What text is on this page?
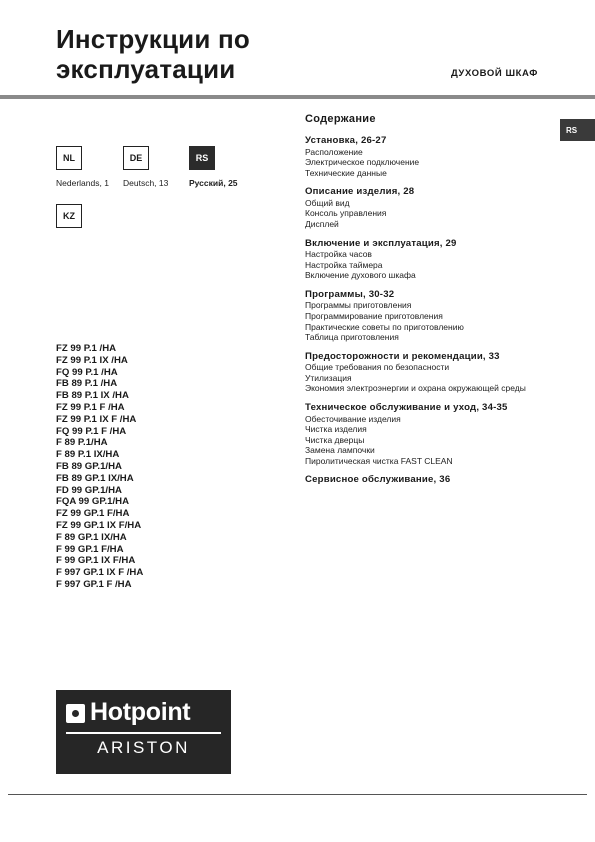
Инструкции по
эксплуатации	ДУХОВОЙ ШКАФ
RS
NL
Nederlands, 1
DE
Deutsch, 13
RS
Русский, 25
KZ
FZ 99 P.1 /HA
FZ 99 P.1 IX /HA
FQ 99 P.1 /HA
FB 89 P.1 /HA
FB 89 P.1 IX /HA
FZ 99 P.1 F /HA
FZ 99 P.1 IX F /HA
FQ 99 P.1 F /HA
F 89 P.1/HA
F 89 P.1 IX/HA
FB 89 GP.1/HA
FB 89 GP.1 IX/HA
FD 99 GP.1/HA
FQA 99 GP.1/HA
FZ 99 GP.1 F/HA
FZ 99 GP.1 IX F/HA
F 89 GP.1 IX/HA
F 99 GP.1 F/HA
F 99 GP.1 IX F/HA
F 997 GP.1 IX F /HA
F 997 GP.1 F /HA
Hotpoint
ARISTON
Содержание
Установка, 26-27
Расположение
Электрическое подключение
Технические данные
Описание изделия, 28
Общий вид
Консоль управления
Дисплей
Включение и эксплуатация, 29
Настройка часов
Настройка таймера
Включение духового шкафа
Программы, 30-32
Программы приготовления
Программирование приготовления
Практические советы по приготовлению
Таблица приготовления
Предосторожности и рекомендации, 33
Общие требования по безопасности
Утилизация
Экономия электроэнергии и охрана окружающей среды
Техническое обслуживание и уход, 34-35
Обесточивание изделия
Чистка изделия
Чистка дверцы
Замена лампочки
Пиролитическая чистка FAST CLEAN
Сервисное обслуживание, 36
